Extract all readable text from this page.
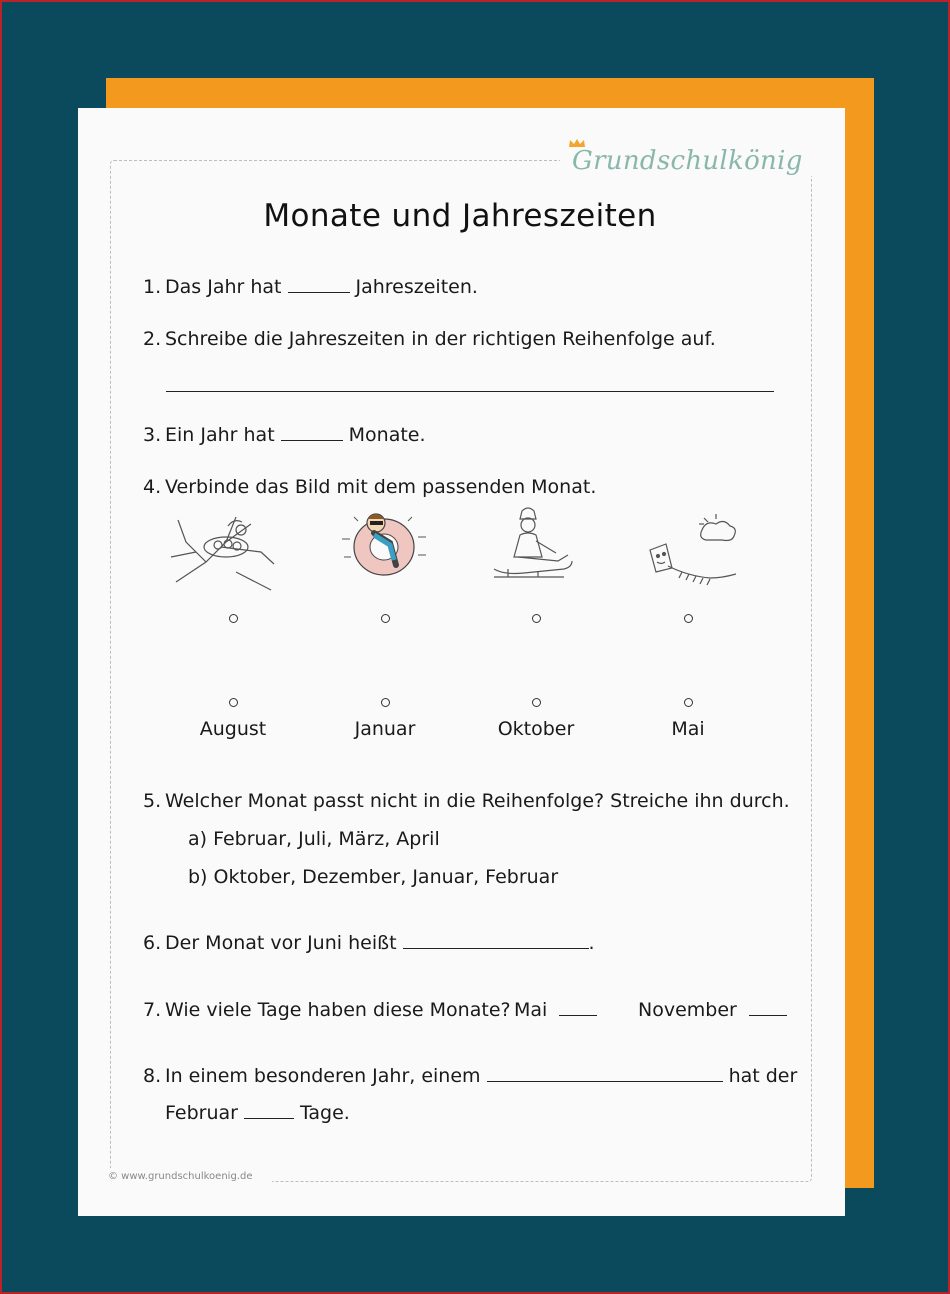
Grundschulkönig
Monate und Jahreszeiten
1. Das Jahr hat	Jahreszeiten.
2. Schreibe die Jahreszeiten in der richtigen Reihenfolge auf.
3. Ein Jahr hat	Monate.
4. Verbinde das Bild mit dem passenden Monat.
August	Januar	Oktober	Mai
5. Welcher Monat passt nicht in die Reihenfolge? Streiche ihn durch.
a) Februar, Juli, März, April
b) Oktober, Dezember, Januar, Februar
6. Der Monat vor Juni heißt	.
7. Wie viele Tage haben diese Monate? Mai	November
8. In einem besonderen Jahr, einem	hat der
Februar	Tage.
© www.grundschulkoenig.de
